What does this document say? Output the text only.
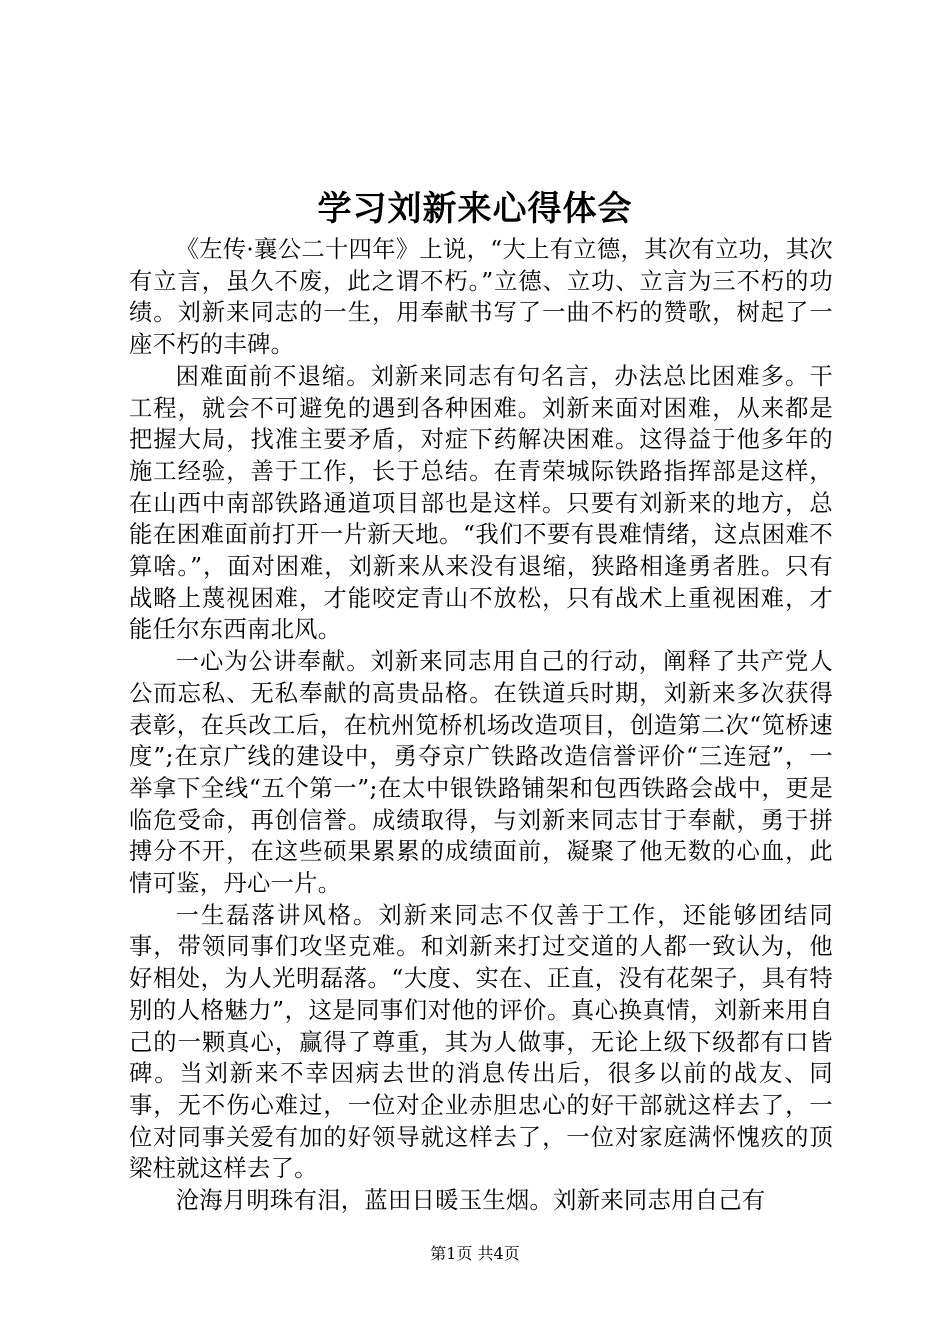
学习刘新来心得体会

《左传·襄公二十四年》上说，“大上有立德，其次有立功，其次有立言，虽久不废，此之谓不朽。”立德、立功、立言为三不朽的功绩。刘新来同志的一生，用奉献书写了一曲不朽的赞歌，树起了一座不朽的丰碑。

困难面前不退缩。刘新来同志有句名言，办法总比困难多。干工程，就会不可避免的遇到各种困难。刘新来面对困难，从来都是把握大局，找准主要矛盾，对症下药解决困难。这得益于他多年的施工经验，善于工作，长于总结。在青荣城际铁路指挥部是这样，在山西中南部铁路通道项目部也是这样。只要有刘新来的地方，总能在困难面前打开一片新天地。“我们不要有畏难情绪，这点困难不算啥。”，面对困难，刘新来从来没有退缩，狭路相逢勇者胜。只有战略上蔑视困难，才能咬定青山不放松，只有战术上重视困难，才能任尔东西南北风。

一心为公讲奉献。刘新来同志用自己的行动，阐释了共产党人公而忘私、无私奉献的高贵品格。在铁道兵时期，刘新来多次获得表彰，在兵改工后，在杭州笕桥机场改造项目，创造第二次“笕桥速度”;在京广线的建设中，勇夺京广铁路改造信誉评价“三连冠”，一举拿下全线“五个第一”;在太中银铁路铺架和包西铁路会战中，更是临危受命，再创信誉。成绩取得，与刘新来同志甘于奉献，勇于拼搏分不开，在这些硕果累累的成绩面前，凝聚了他无数的心血，此情可鉴，丹心一片。

一生磊落讲风格。刘新来同志不仅善于工作，还能够团结同事，带领同事们攻坚克难。和刘新来打过交道的人都一致认为，他好相处，为人光明磊落。“大度、实在、正直，没有花架子，具有特别的人格魅力”，这是同事们对他的评价。真心换真情，刘新来用自己的一颗真心，赢得了尊重，其为人做事，无论上级下级都有口皆碑。当刘新来不幸因病去世的消息传出后，很多以前的战友、同事，无不伤心难过，一位对企业赤胆忠心的好干部就这样去了，一位对同事关爱有加的好领导就这样去了，一位对家庭满怀愧疚的顶梁柱就这样去了。

沧海月明珠有泪，蓝田日暖玉生烟。刘新来同志用自己有

第1页 共4页
